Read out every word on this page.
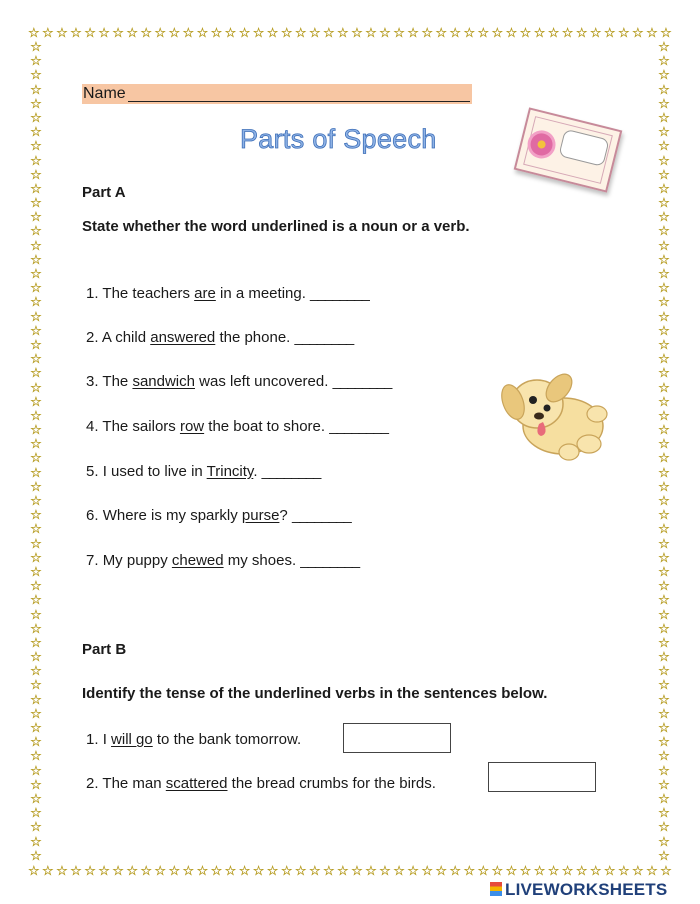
☆ ☆ ☆ ☆ ☆ ☆ ☆ ☆ ☆ ☆ ☆ ☆ ☆ ☆ ☆ ☆ ☆ ☆ ☆ ☆ ☆ ☆ ☆ ☆ ☆ ☆ ☆ ☆ ☆ ☆ ☆ ☆ ☆ ☆ ☆ ☆ ☆ ☆ ☆ ☆ ☆ ☆ ☆ ☆ ☆ ☆
☆ ☆ ☆ ☆ ☆ ☆ ☆ ☆ ☆ ☆ ☆ ☆ ☆ ☆ ☆ ☆ ☆ ☆ ☆ ☆ ☆ ☆ ☆ ☆ ☆ ☆ ☆ ☆ ☆ ☆ ☆ ☆ ☆ ☆ ☆ ☆ ☆ ☆ ☆ ☆ ☆ ☆ ☆ ☆ ☆ ☆
☆
☆
☆
☆
☆
☆
☆
☆
☆
☆
☆
☆
☆
☆
☆
☆
☆
☆
☆
☆
☆
☆
☆
☆
☆
☆
☆
☆
☆
☆
☆
☆
☆
☆
☆
☆
☆
☆
☆
☆
☆
☆
☆
☆
☆
☆
☆
☆
☆
☆
☆
☆
☆
☆
☆
☆
☆
☆
☆
☆
☆
☆
☆
☆
☆
☆
☆
☆
☆
☆
☆
☆
☆
☆
☆
☆
☆
☆
☆
☆
☆
☆
☆
☆
☆
☆
☆
☆
☆
☆
☆
☆
☆
☆
☆
☆
☆
☆
☆
☆
☆
☆
☆
☆
☆
☆
☆
☆
☆
☆
☆
☆
☆
☆
☆
☆
Name
Parts of Speech
Part A
State whether the word underlined is a noun or a verb.
1. The teachers are in a meeting. ________
2. A child answered the phone. ________
3. The sandwich was left uncovered. ________
4. The sailors row the boat to shore. ________
5. I used to live in Trincity. ________
6. Where is my sparkly purse? ________
7. My puppy chewed my shoes. ________
Part B
Identify the tense of the underlined verbs in the sentences below.
1. I will go to the bank tomorrow.
2. The man scattered the bread crumbs for the birds.
LIVEWORKSHEETS
